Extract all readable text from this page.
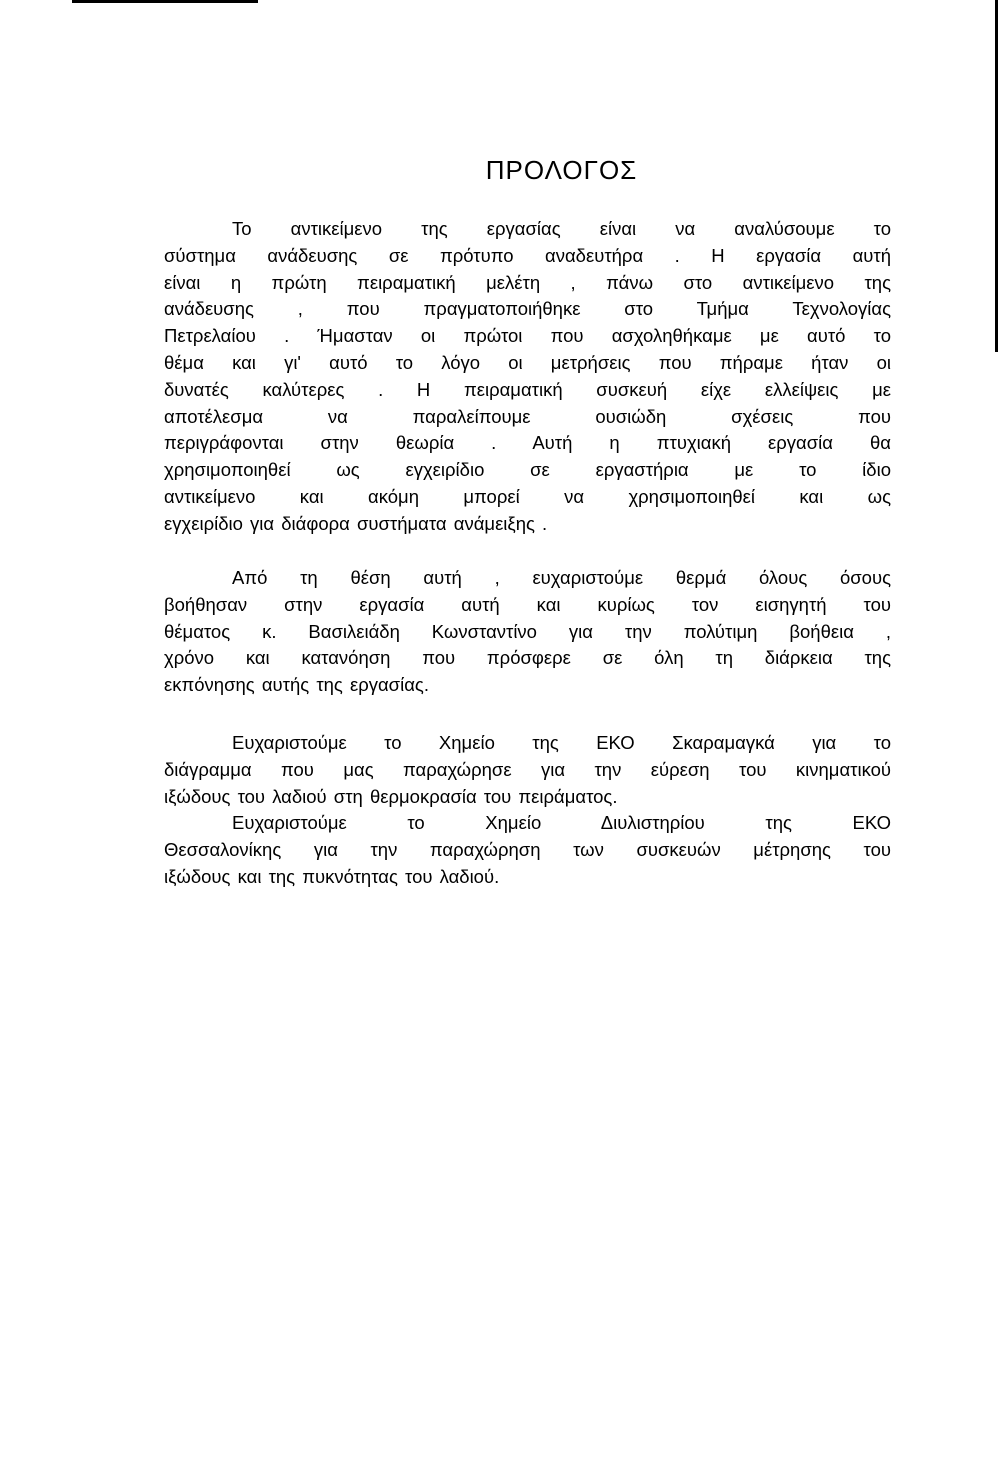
ΠΡΟΛΟΓΟΣ
Το αντικείμενο της εργασίας είναι να αναλύσουμε το
σύστημα ανάδευσης σε πρότυπο αναδευτήρα . Η εργασία αυτή
είναι η πρώτη πειραματική μελέτη , πάνω στο αντικείμενο της
ανάδευσης , που πραγματοποιήθηκε στο Τμήμα Τεχνολογίας
Πετρελαίου . Ήμασταν οι πρώτοι που ασχοληθήκαμε με αυτό το
θέμα και γι' αυτό το λόγο οι μετρήσεις που πήραμε ήταν οι
δυνατές καλύτερες . Η πειραματική συσκευή είχε ελλείψεις με
αποτέλεσμα να παραλείπουμε ουσιώδη σχέσεις που
περιγράφονται στην θεωρία . Αυτή η πτυχιακή εργασία θα
χρησιμοποιηθεί ως εγχειρίδιο σε εργαστήρια με το ίδιο
αντικείμενο και ακόμη μπορεί να χρησιμοποιηθεί και ως
εγχειρίδιο για διάφορα συστήματα ανάμειξης .
Από τη θέση αυτή , ευχαριστούμε θερμά όλους όσους
βοήθησαν στην εργασία αυτή και κυρίως τον εισηγητή του
θέματος κ. Βασιλειάδη Κωνσταντίνο για την πολύτιμη βοήθεια ,
χρόνο και κατανόηση που πρόσφερε σε όλη τη διάρκεια της
εκπόνησης αυτής της εργασίας.
Ευχαριστούμε το Χημείο της ΕΚΟ Σκαραμαγκά για το
διάγραμμα που μας παραχώρησε για την εύρεση του κινηματικού
ιξώδους του λαδιού στη θερμοκρασία του πειράματος.
Ευχαριστούμε το Χημείο Διυλιστηρίου της ΕΚΟ
Θεσσαλονίκης για την παραχώρηση των συσκευών μέτρησης του
ιξώδους και της πυκνότητας του λαδιού.
